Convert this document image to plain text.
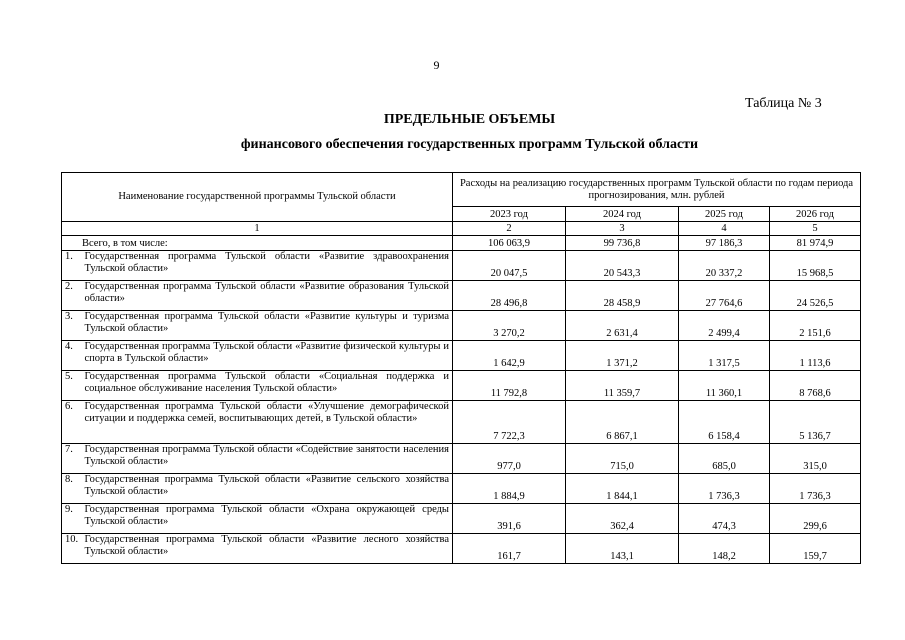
9
Таблица № 3
ПРЕДЕЛЬНЫЕ ОБЪЕМЫ
финансового обеспечения государственных программ Тульской области
Наименование государственной программы Тульской области		Расходы на реализацию государственных программ Тульской области по годам периода прогнозирования, млн. рублей			
		2023 год	2024 год	2025 год	2026 год
1		2	3	4	5
Всего, в том числе:		106 063,9	99 736,8	97 186,3	81 974,9
1.	Государственная программа Тульской области «Развитие здравоохранения Тульской области»	20 047,5	20 543,3	20 337,2	15 968,5
2.	Государственная программа Тульской области «Развитие образования Тульской области»	28 496,8	28 458,9	27 764,6	24 526,5
3.	Государственная программа Тульской области «Развитие культуры и туризма Тульской области»	3 270,2	2 631,4	2 499,4	2 151,6
4.	Государственная программа Тульской области «Развитие физической культуры и спорта в Тульской области»	1 642,9	1 371,2	1 317,5	1 113,6
5.	Государственная программа Тульской области «Социальная поддержка и социальное обслуживание населения Тульской области»	11 792,8	11 359,7	11 360,1	8 768,6
6.	Государственная программа Тульской области «Улучшение демографической ситуации и поддержка семей, воспитывающих детей, в Тульской области»	7 722,3	6 867,1	6 158,4	5 136,7
7.	Государственная программа Тульской области «Содействие занятости населения Тульской области»	977,0	715,0	685,0	315,0
8.	Государственная программа Тульской области «Развитие сельского хозяйства Тульской области»	1 884,9	1 844,1	1 736,3	1 736,3
9.	Государственная программа Тульской области «Охрана окружающей среды Тульской области»	391,6	362,4	474,3	299,6
10.	Государственная программа Тульской области «Развитие лесного хозяйства Тульской области»	161,7	143,1	148,2	159,7
